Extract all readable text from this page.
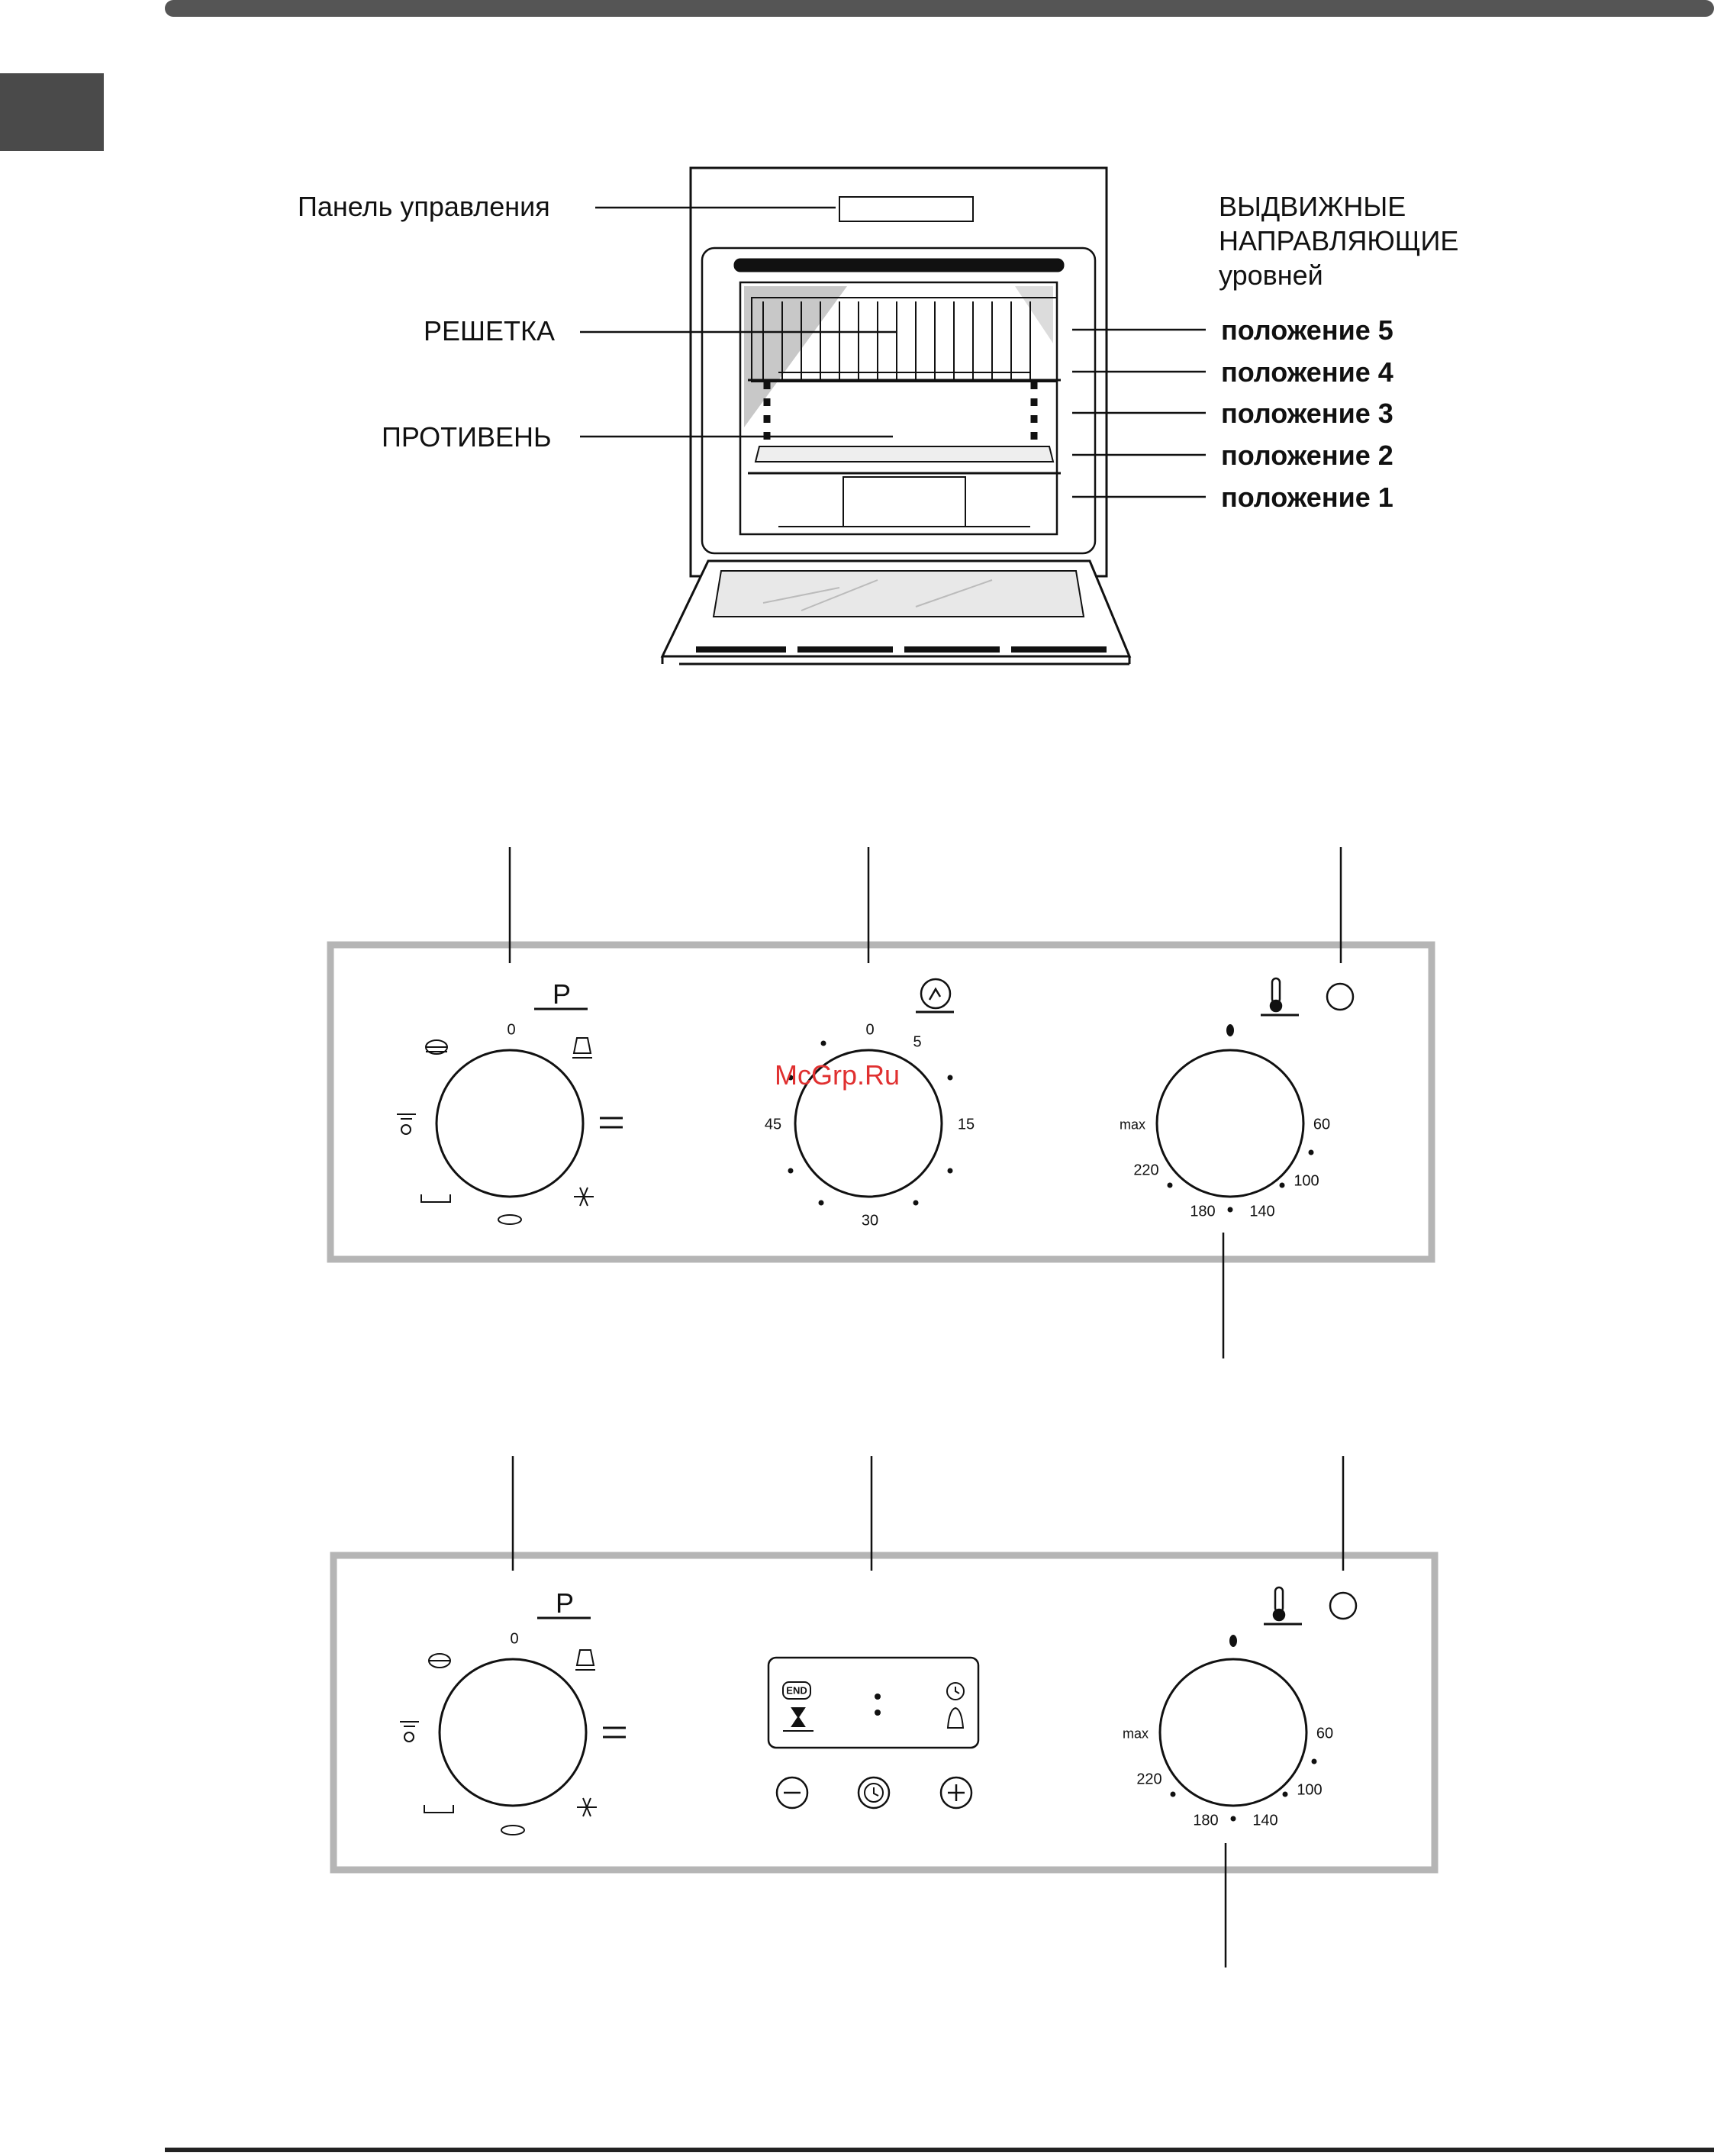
Панель управления
РЕШЕТКА
ПРОТИВЕНЬ
ВЫДВИЖНЫЕ
НАПРАВЛЯЮЩИЕ
уровней
положение 5
положение 4
положение 3
положение 2
положение 1
McGrp.Ru
P
0	0
5
15
30
45	max	60
100
140
180
220
P
0
END
max	60
100
140
180
220
